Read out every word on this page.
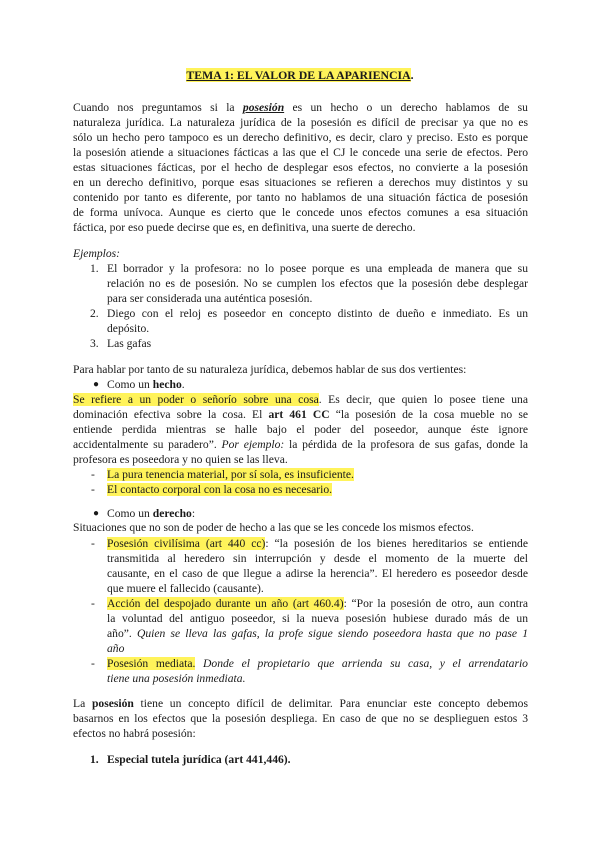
TEMA 1: EL VALOR DE LA APARIENCIA.
Cuando nos preguntamos si la posesión es un hecho o un derecho hablamos de su
naturaleza jurídica. La naturaleza jurídica de la posesión es difícil de precisar ya que no es
sólo un hecho pero tampoco es un derecho definitivo, es decir, claro y preciso. Esto es porque
la posesión atiende a situaciones fácticas a las que el CJ le concede una serie de efectos. Pero
estas situaciones fácticas, por el hecho de desplegar esos efectos, no convierte a la posesión
en un derecho definitivo, porque esas situaciones se refieren a derechos muy distintos y su
contenido por tanto es diferente, por tanto no hablamos de una situación fáctica de posesión
de forma unívoca. Aunque es cierto que le concede unos efectos comunes a esa situación
fáctica, por eso puede decirse que es, en definitiva, una suerte de derecho.
Ejemplos:
1. El borrador y la profesora: no lo posee porque es una empleada de manera que su
relación no es de posesión. No se cumplen los efectos que la posesión debe desplegar
para ser considerada una auténtica posesión.
2. Diego con el reloj es poseedor en concepto distinto de dueño e inmediato. Es un
depósito.
3. Las gafas
Para hablar por tanto de su naturaleza jurídica, debemos hablar de sus dos vertientes:
● Como un hecho.
Se refiere a un poder o señorío sobre una cosa. Es decir, que quien lo posee tiene una
dominación efectiva sobre la cosa. El art 461 CC “la posesión de la cosa mueble no se
entiende perdida mientras se halle bajo el poder del poseedor, aunque éste ignore
accidentalmente su paradero”. Por ejemplo: la pérdida de la profesora de sus gafas, donde la
profesora es poseedora y no quien se las lleva.
- La pura tenencia material, por sí sola, es insuficiente.
- El contacto corporal con la cosa no es necesario.
● Como un derecho:
Situaciones que no son de poder de hecho a las que se les concede los mismos efectos.
- Posesión civilísima (art 440 cc): “la posesión de los bienes hereditarios se entiende
transmitida al heredero sin interrupción y desde el momento de la muerte del
causante, en el caso de que llegue a adirse la herencia”. El heredero es poseedor desde
que muere el fallecido (causante).
- Acción del despojado durante un año (art 460.4): “Por la posesión de otro, aun contra
la voluntad del antiguo poseedor, si la nueva posesión hubiese durado más de un
año”. Quien se lleva las gafas, la profe sigue siendo poseedora hasta que no pase 1
año
- Posesión mediata. Donde el propietario que arrienda su casa, y el arrendatario
tiene una posesión inmediata.
La posesión tiene un concepto difícil de delimitar. Para enunciar este concepto debemos
basarnos en los efectos que la posesión despliega. En caso de que no se desplieguen estos 3
efectos no habrá posesión:
1. Especial tutela jurídica (art 441,446).
